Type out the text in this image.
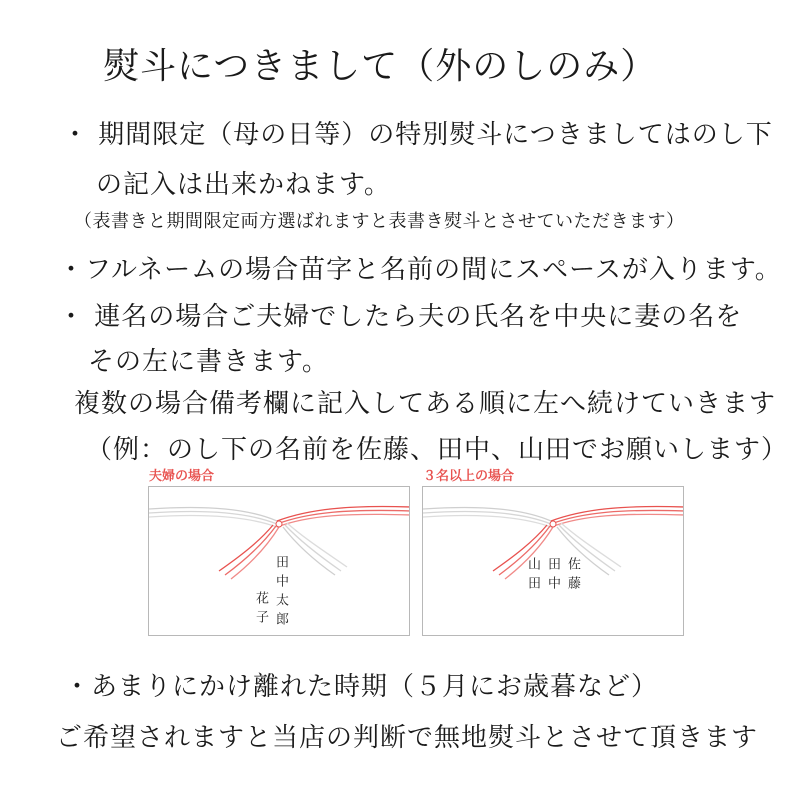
熨斗につきまして（外のしのみ）
・ 期間限定（母の日等）の特別熨斗につきましてはのし下
の記入は出来かねます。
（表書きと期間限定両方選ばれますと表書き熨斗とさせていただきます）
・フルネームの場合苗字と名前の間にスペースが入ります。
・ 連名の場合ご夫婦でしたら夫の氏名を中央に妻の名を
その左に書きます。
複数の場合備考欄に記入してある順に左へ続けていきます
（例：のし下の名前を佐藤、田中、山田でお願いします）
夫婦の場合
田中太郎
花子
３名以上の場合
佐藤
田中
山田
・あまりにかけ離れた時期（５月にお歳暮など）
ご希望されますと当店の判断で無地熨斗とさせて頂きます
